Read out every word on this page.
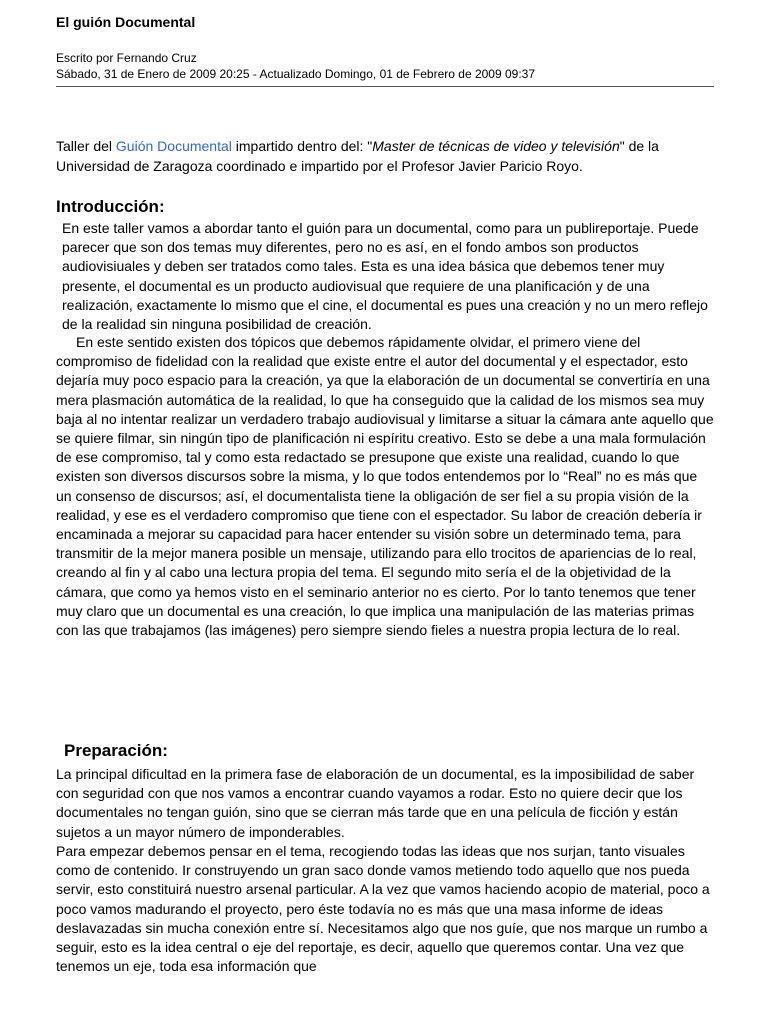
El guión Documental
Escrito por Fernando Cruz
Sábado, 31 de Enero de 2009 20:25 - Actualizado Domingo, 01 de Febrero de 2009 09:37
Taller del Guión Documental impartido dentro del: "Master de técnicas de video y televisión" de la Universidad de Zaragoza coordinado e impartido por el Profesor Javier Paricio Royo.
Introducción:

En este taller vamos a abordar tanto el guión para un documental, como para un publireportaje. Puede parecer que son dos temas muy diferentes, pero no es así, en el fondo ambos son productos audiovisiuales y deben ser tratados como tales. Esta es una idea básica que debemos tener muy presente, el documental es un producto audiovisual que requiere de una planificación y de una realización, exactamente lo mismo que el cine, el documental es pues una creación y no un mero reflejo de la realidad sin ninguna posibilidad de creación.

En este sentido existen dos tópicos que debemos rápidamente olvidar, el primero viene del compromiso de fidelidad con la realidad que existe entre el autor del documental y el espectador, esto dejaría muy poco espacio para la creación, ya que la elaboración de un documental se convertiría en una mera plasmación automática de la realidad, lo que ha conseguido que la calidad de los mismos sea muy baja al no intentar realizar un verdadero trabajo audiovisual y limitarse a situar la cámara ante aquello que se quiere filmar, sin ningún tipo de planificación ni espíritu creativo. Esto se debe a una mala formulación de ese compromiso, tal y como esta redactado se presupone que existe una realidad, cuando lo que existen son diversos discursos sobre la misma, y lo que todos entendemos por lo “Real” no es más que un consenso de discursos; así, el documentalista tiene la obligación de ser fiel a su propia visión de la realidad, y ese es el verdadero compromiso que tiene con el espectador. Su labor de creación debería ir encaminada a mejorar su capacidad para hacer entender su visión sobre un determinado tema, para transmitir de la mejor manera posible un mensaje, utilizando para ello trocitos de apariencias de lo real, creando al fin y al cabo una lectura propia del tema. El segundo mito sería el de la objetividad de la cámara, que como ya hemos visto en el seminario anterior no es cierto. Por lo tanto tenemos que tener muy claro que un documental es una creación, lo que implica una manipulación de las materias primas con las que trabajamos (las imágenes) pero siempre siendo fieles a nuestra propia lectura de lo real.

Preparación:

La principal dificultad en la primera fase de elaboración de un documental, es la imposibilidad de saber con seguridad con que nos vamos a encontrar cuando vayamos a rodar. Esto no quiere decir que los documentales no tengan guión, sino que se cierran más tarde que en una película de ficción y están sujetos a un mayor número de imponderables.

Para empezar debemos pensar en el tema, recogiendo todas las ideas que nos surjan, tanto visuales como de contenido. Ir construyendo un gran saco donde vamos metiendo todo aquello que nos pueda servir, esto constituirá nuestro arsenal particular. A la vez que vamos haciendo acopio de material, poco a poco vamos madurando el proyecto, pero éste todavía no es más que una masa informe de ideas deslavazadas sin mucha conexión entre sí. Necesitamos algo que nos guíe, que nos marque un rumbo a seguir, esto es la idea central o eje del reportaje, es decir, aquello que queremos contar. Una vez que tenemos un eje, toda esa información que
